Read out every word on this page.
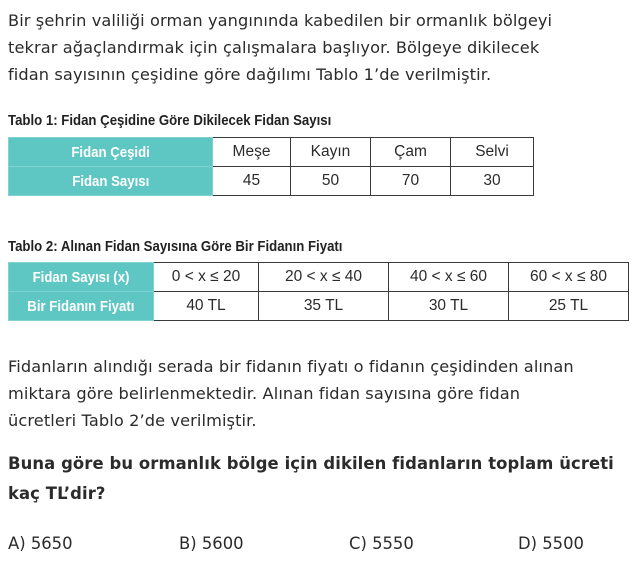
Bir şehrin valiliği orman yangınında kabedilen bir ormanlık bölgeyi
tekrar ağaçlandırmak için çalışmalara başlıyor. Bölgeye dikilecek
fidan sayısının çeşidine göre dağılımı Tablo 1’de verilmiştir.
Tablo 1: Fidan Çeşidine Göre Dikilecek Fidan Sayısı
Fidan Çeşidi	Meşe	Kayın	Çam	Selvi
Fidan Sayısı	45	50	70	30
Tablo 2: Alınan Fidan Sayısına Göre Bir Fidanın Fiyatı
Fidan Sayısı (x)	0 < x ≤ 20	20 < x ≤ 40	40 < x ≤ 60	60 < x ≤ 80
Bir Fidanın Fiyatı	40 TL	35 TL	30 TL	25 TL
Fidanların alındığı serada bir fidanın fiyatı o fidanın çeşidinden alınan
miktara göre belirlenmektedir. Alınan fidan sayısına göre fidan
ücretleri Tablo 2’de verilmiştir.
Buna göre bu ormanlık bölge için dikilen fidanların toplam ücreti
kaç TL’dir?
A) 5650	B) 5600	C) 5550	D) 5500
